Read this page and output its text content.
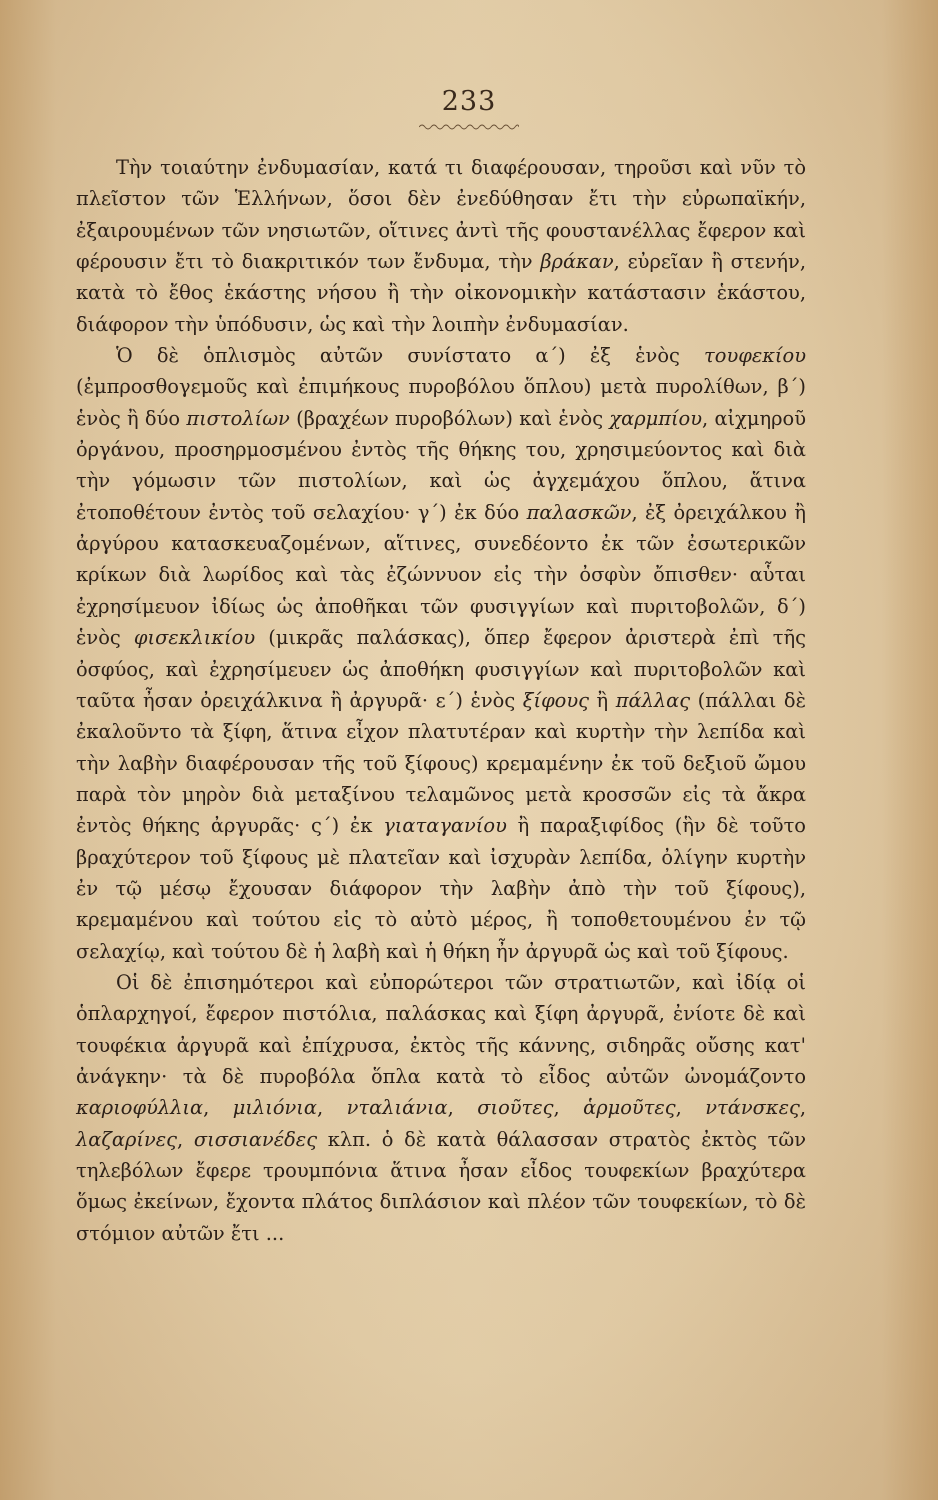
233

Τὴν τοιαύτην ἐνδυμασίαν, κατά τι διαφέρουσαν, τηροῦσι καὶ νῦν τὸ πλεῖστον τῶν Ἑλλήνων, ὅσοι δὲν ἐνεδύθησαν ἔτι τὴν εὐρωπαϊκήν, ἐξαιρουμένων τῶν νησιωτῶν, οἵτινες ἀντὶ τῆς φουστανέλλας ἔφερον καὶ φέρουσιν ἔτι τὸ διακριτικόν των ἔνδυμα, τὴν βράκαν, εὐρεῖαν ἢ στενήν, κατὰ τὸ ἔθος ἑκάστης νήσου ἢ τὴν οἰκονομικὴν κατάστασιν ἑκάστου, διάφορον τὴν ὑπόδυσιν, ὡς καὶ τὴν λοιπὴν ἐνδυμασίαν.

Ὁ δὲ ὁπλισμὸς αὐτῶν συνίστατο α´) ἐξ ἑνὸς τουφεκίου (ἐμπροσθογεμοῦς καὶ ἐπιμήκους πυροβόλου ὅπλου) μετὰ πυρολίθων, β´) ἑνὸς ἢ δύο πιστολίων (βραχέων πυροβόλων) καὶ ἑνὸς χαρμπίου, αἰχμηροῦ ὀργάνου, προσηρμοσμένου ἐντὸς τῆς θήκης του, χρησιμεύοντος καὶ διὰ τὴν γόμωσιν τῶν πιστολίων, καὶ ὡς ἀγχεμάχου ὅπλου, ἅτινα ἐτοποθέτουν ἐντὸς τοῦ σελαχίου· γ´) ἐκ δύο παλασκῶν, ἐξ ὀρειχάλκου ἢ ἀργύρου κατασκευαζομένων, αἵτινες, συνεδέοντο ἐκ τῶν ἐσωτερικῶν κρίκων διὰ λωρίδος καὶ τὰς ἐζώννυον εἰς τὴν ὀσφὺν ὄπισθεν· αὗται ἐχρησίμευον ἰδίως ὡς ἀποθῆκαι τῶν φυσιγγίων καὶ πυριτοβολῶν, δ´) ἑνὸς φισεκλικίου (μικρᾶς παλάσκας), ὅπερ ἔφερον ἀριστερὰ ἐπὶ τῆς ὀσφύος, καὶ ἐχρησίμευεν ὡς ἀποθήκη φυσιγγίων καὶ πυριτοβολῶν καὶ ταῦτα ἦσαν ὀρειχάλκινα ἢ ἀργυρᾶ· ε´) ἑνὸς ξίφους ἢ πάλλας (πάλλαι δὲ ἐκαλοῦντο τὰ ξίφη, ἅτινα εἶχον πλατυτέραν καὶ κυρτὴν τὴν λεπίδα καὶ τὴν λαβὴν διαφέρουσαν τῆς τοῦ ξίφους) κρεμαμένην ἐκ τοῦ δεξιοῦ ὤμου παρὰ τὸν μηρὸν διὰ μεταξίνου τελαμῶνος μετὰ κροσσῶν εἰς τὰ ἄκρα ἐντὸς θήκης ἀργυρᾶς· ς´) ἐκ γιαταγανίου ἢ παραξιφίδος (ἣν δὲ τοῦτο βραχύτερον τοῦ ξίφους μὲ πλατεῖαν καὶ ἰσχυρὰν λεπίδα, ὀλίγην κυρτὴν ἐν τῷ μέσῳ ἔχουσαν διάφορον τὴν λαβὴν ἀπὸ τὴν τοῦ ξίφους), κρεμαμένου καὶ τούτου εἰς τὸ αὐτὸ μέρος, ἢ τοποθετουμένου ἐν τῷ σελαχίῳ, καὶ τούτου δὲ ἡ λαβὴ καὶ ἡ θήκη ἦν ἀργυρᾶ ὡς καὶ τοῦ ξίφους.

Οἱ δὲ ἐπισημότεροι καὶ εὐπορώτεροι τῶν στρατιωτῶν, καὶ ἰδίᾳ οἱ ὁπλαρχηγοί, ἔφερον πιστόλια, παλάσκας καὶ ξίφη ἀργυρᾶ, ἐνίοτε δὲ καὶ τουφέκια ἀργυρᾶ καὶ ἐπίχρυσα, ἐκτὸς τῆς κάννης, σιδηρᾶς οὔσης κατ' ἀνάγκην· τὰ δὲ πυροβόλα ὅπλα κατὰ τὸ εἶδος αὐτῶν ὠνομάζοντο καριοφύλλια, μιλιόνια, νταλιάνια, σιοῦτες, ἁρμοῦτες, ντάνσκες, λαζαρίνες, σισσιανέδες κλπ. ὁ δὲ κατὰ θάλασσαν στρατὸς ἐκτὸς τῶν τηλεβόλων ἔφερε τρουμπόνια ἅτινα ἦσαν εἶδος τουφεκίων βραχύτερα ὅμως ἐκείνων, ἔχοντα πλάτος διπλάσιον καὶ πλέον τῶν τουφεκίων, τὸ δὲ στόμιον αὐτῶν ἔτι ...
